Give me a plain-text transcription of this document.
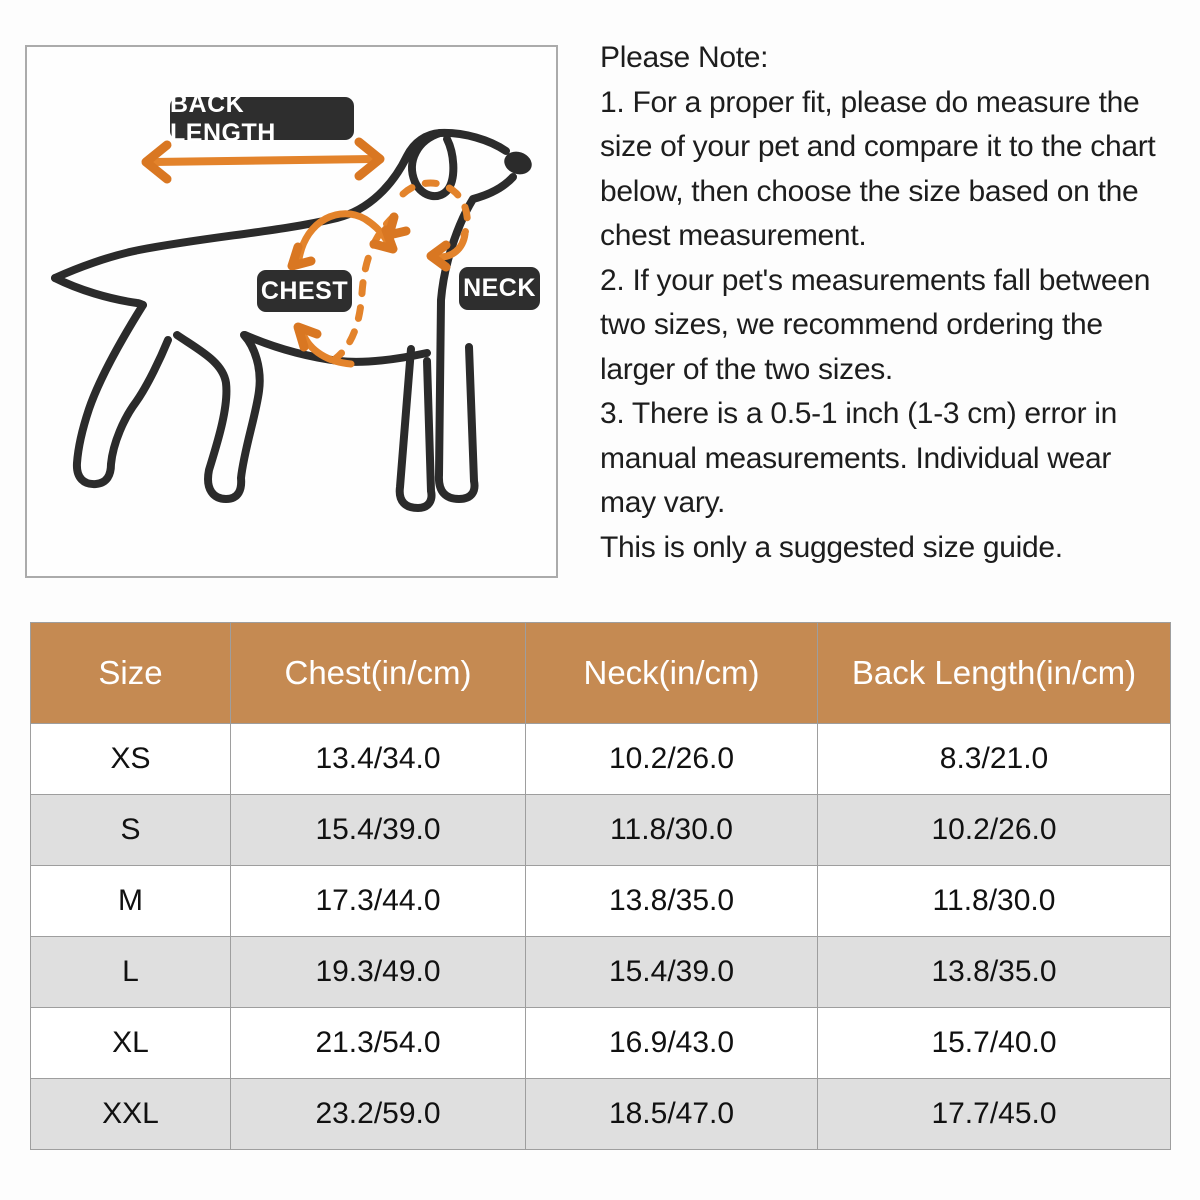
BACK LENGTH
CHEST	NECK
Please Note:
1. For a proper fit, please do measure the
size of your pet and compare it to the chart
below, then choose the size based on the
chest measurement.
2. If your pet's measurements fall between
two sizes, we recommend ordering the
larger of the two sizes.
3. There is a 0.5-1 inch (1-3 cm) error in
manual measurements. Individual wear
may vary.
This is only a suggested size guide.
Size	Chest(in/cm)	Neck(in/cm)	Back Length(in/cm)
XS	13.4/34.0	10.2/26.0	8.3/21.0
S	15.4/39.0	11.8/30.0	10.2/26.0
M	17.3/44.0	13.8/35.0	11.8/30.0
L	19.3/49.0	15.4/39.0	13.8/35.0
XL	21.3/54.0	16.9/43.0	15.7/40.0
XXL	23.2/59.0	18.5/47.0	17.7/45.0
